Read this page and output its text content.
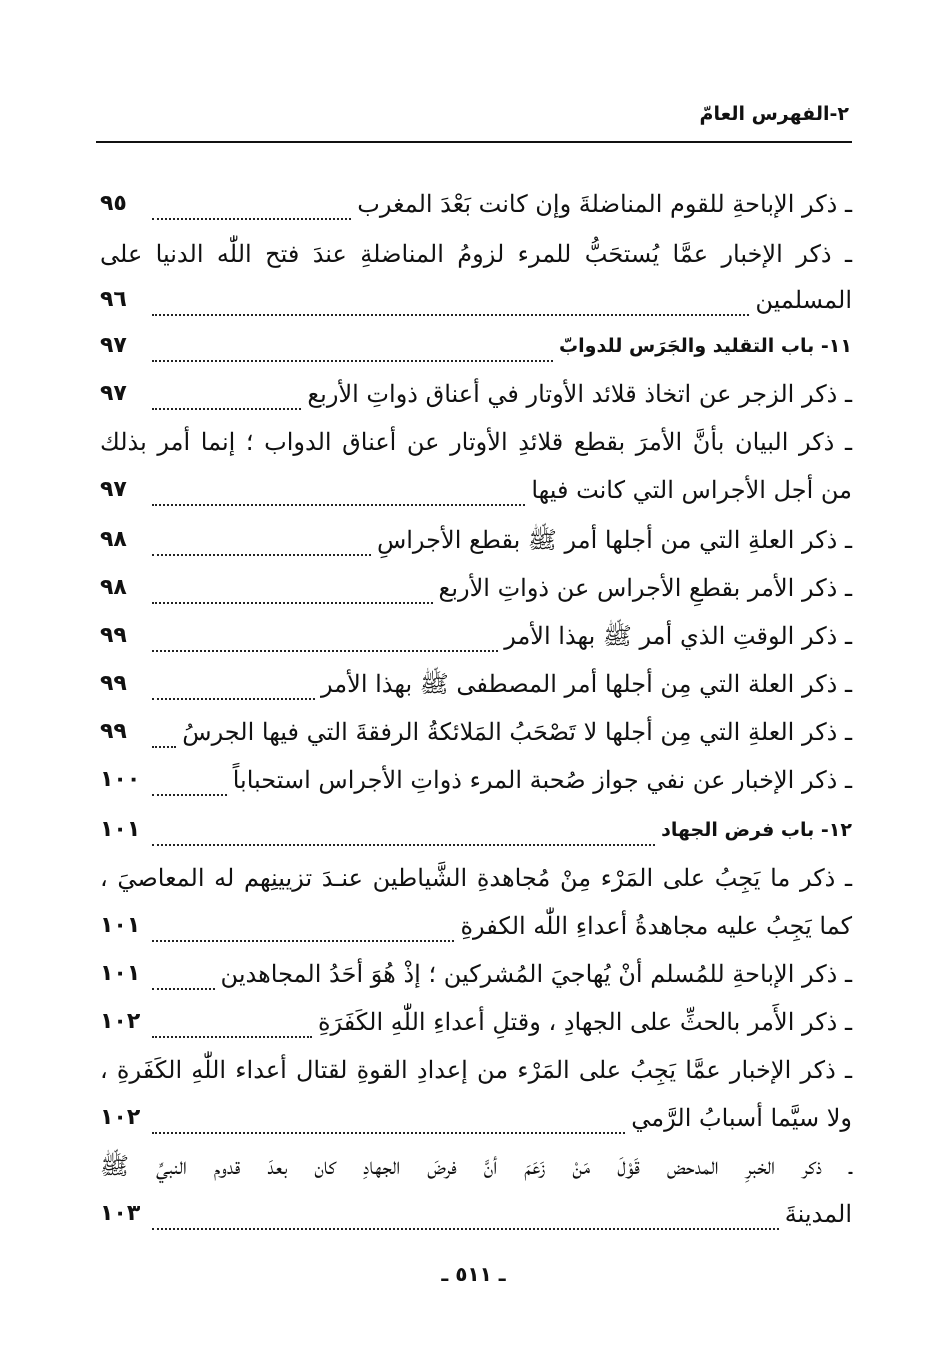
٢-الفهرس العامّ
ـ ذكر الإباحةِ للقوم المناضلةَ وإن كانت بَعْدَ المغرب
٩٥
ـ ذكر الإخبار عمَّا يُستحَبُّ للمرء لزومُ المناضلةِ عندَ فتح اللّٰه الدنيا على
المسلمين
٩٦
١١- باب التقليد والجَرَس للدوابّ
٩٧
ـ ذكر الزجر عن اتخاذ قلائد الأوتار في أعناق ذواتِ الأربع
٩٧
ـ ذكر البيان بأنَّ الأمرَ بقطع قلائدِ الأوتار عن أعناق الدواب ؛ إنما أمر بذلك
من أجل الأجراس التي كانت فيها
٩٧
ـ ذكر العلةِ التي من أجلها أمر ﷺ بقطع الأجراسِ
٩٨
ـ ذكر الأمر بقطعِ الأجراس عن ذواتِ الأربع
٩٨
ـ ذكر الوقتِ الذي أمر ﷺ بهذا الأمر
٩٩
ـ ذكر العلة التي مِن أجلها أمر المصطفى ﷺ بهذا الأمر
٩٩
ـ ذكر العلةِ التي مِن أجلها لا تَصْحَبُ المَلائكةُ الرفقةَ التي فيها الجرسُ
٩٩
ـ ذكر الإخبار عن نفي جواز صُحبة المرء ذواتِ الأجراس استحباباً
١٠٠
١٢- باب فرض الجهاد
١٠١
ـ ذكر ما يَجِبُ على المَرْء مِنْ مُجاهدةِ الشَّياطين عنـدَ تزيينِهم له المعاصيَ ،
كما يَجِبُ عليه مجاهدةُ أعداءِ اللّٰه الكفرةِ
١٠١
ـ ذكر الإباحةِ للمُسلم أنْ يُهاجيَ المُشركين ؛ إذْ هُوَ أحَدُ المجاهدين
١٠١
ـ ذكر الأَمر بالحثِّ على الجهادِ ، وقتلِ أعداءِ اللّٰهِ الكَفَرَةِ
١٠٢
ـ ذكر الإخبار عمَّا يَجِبُ على المَرْء من إعدادِ القوةِ لقتال أعداء اللّٰهِ الكَفَرةِ ،
ولا سيَّما أسبابُ الرَّمي
١٠٢
ـ ذكر الخبرِ المدحض قَوْلَ مَنْ زَعَمَ أنَّ فرضَ الجهادِ كان بعدَ قدوم النبيِّ ﷺ
المدينةَ
١٠٣
ـ ٥١١ ـ
